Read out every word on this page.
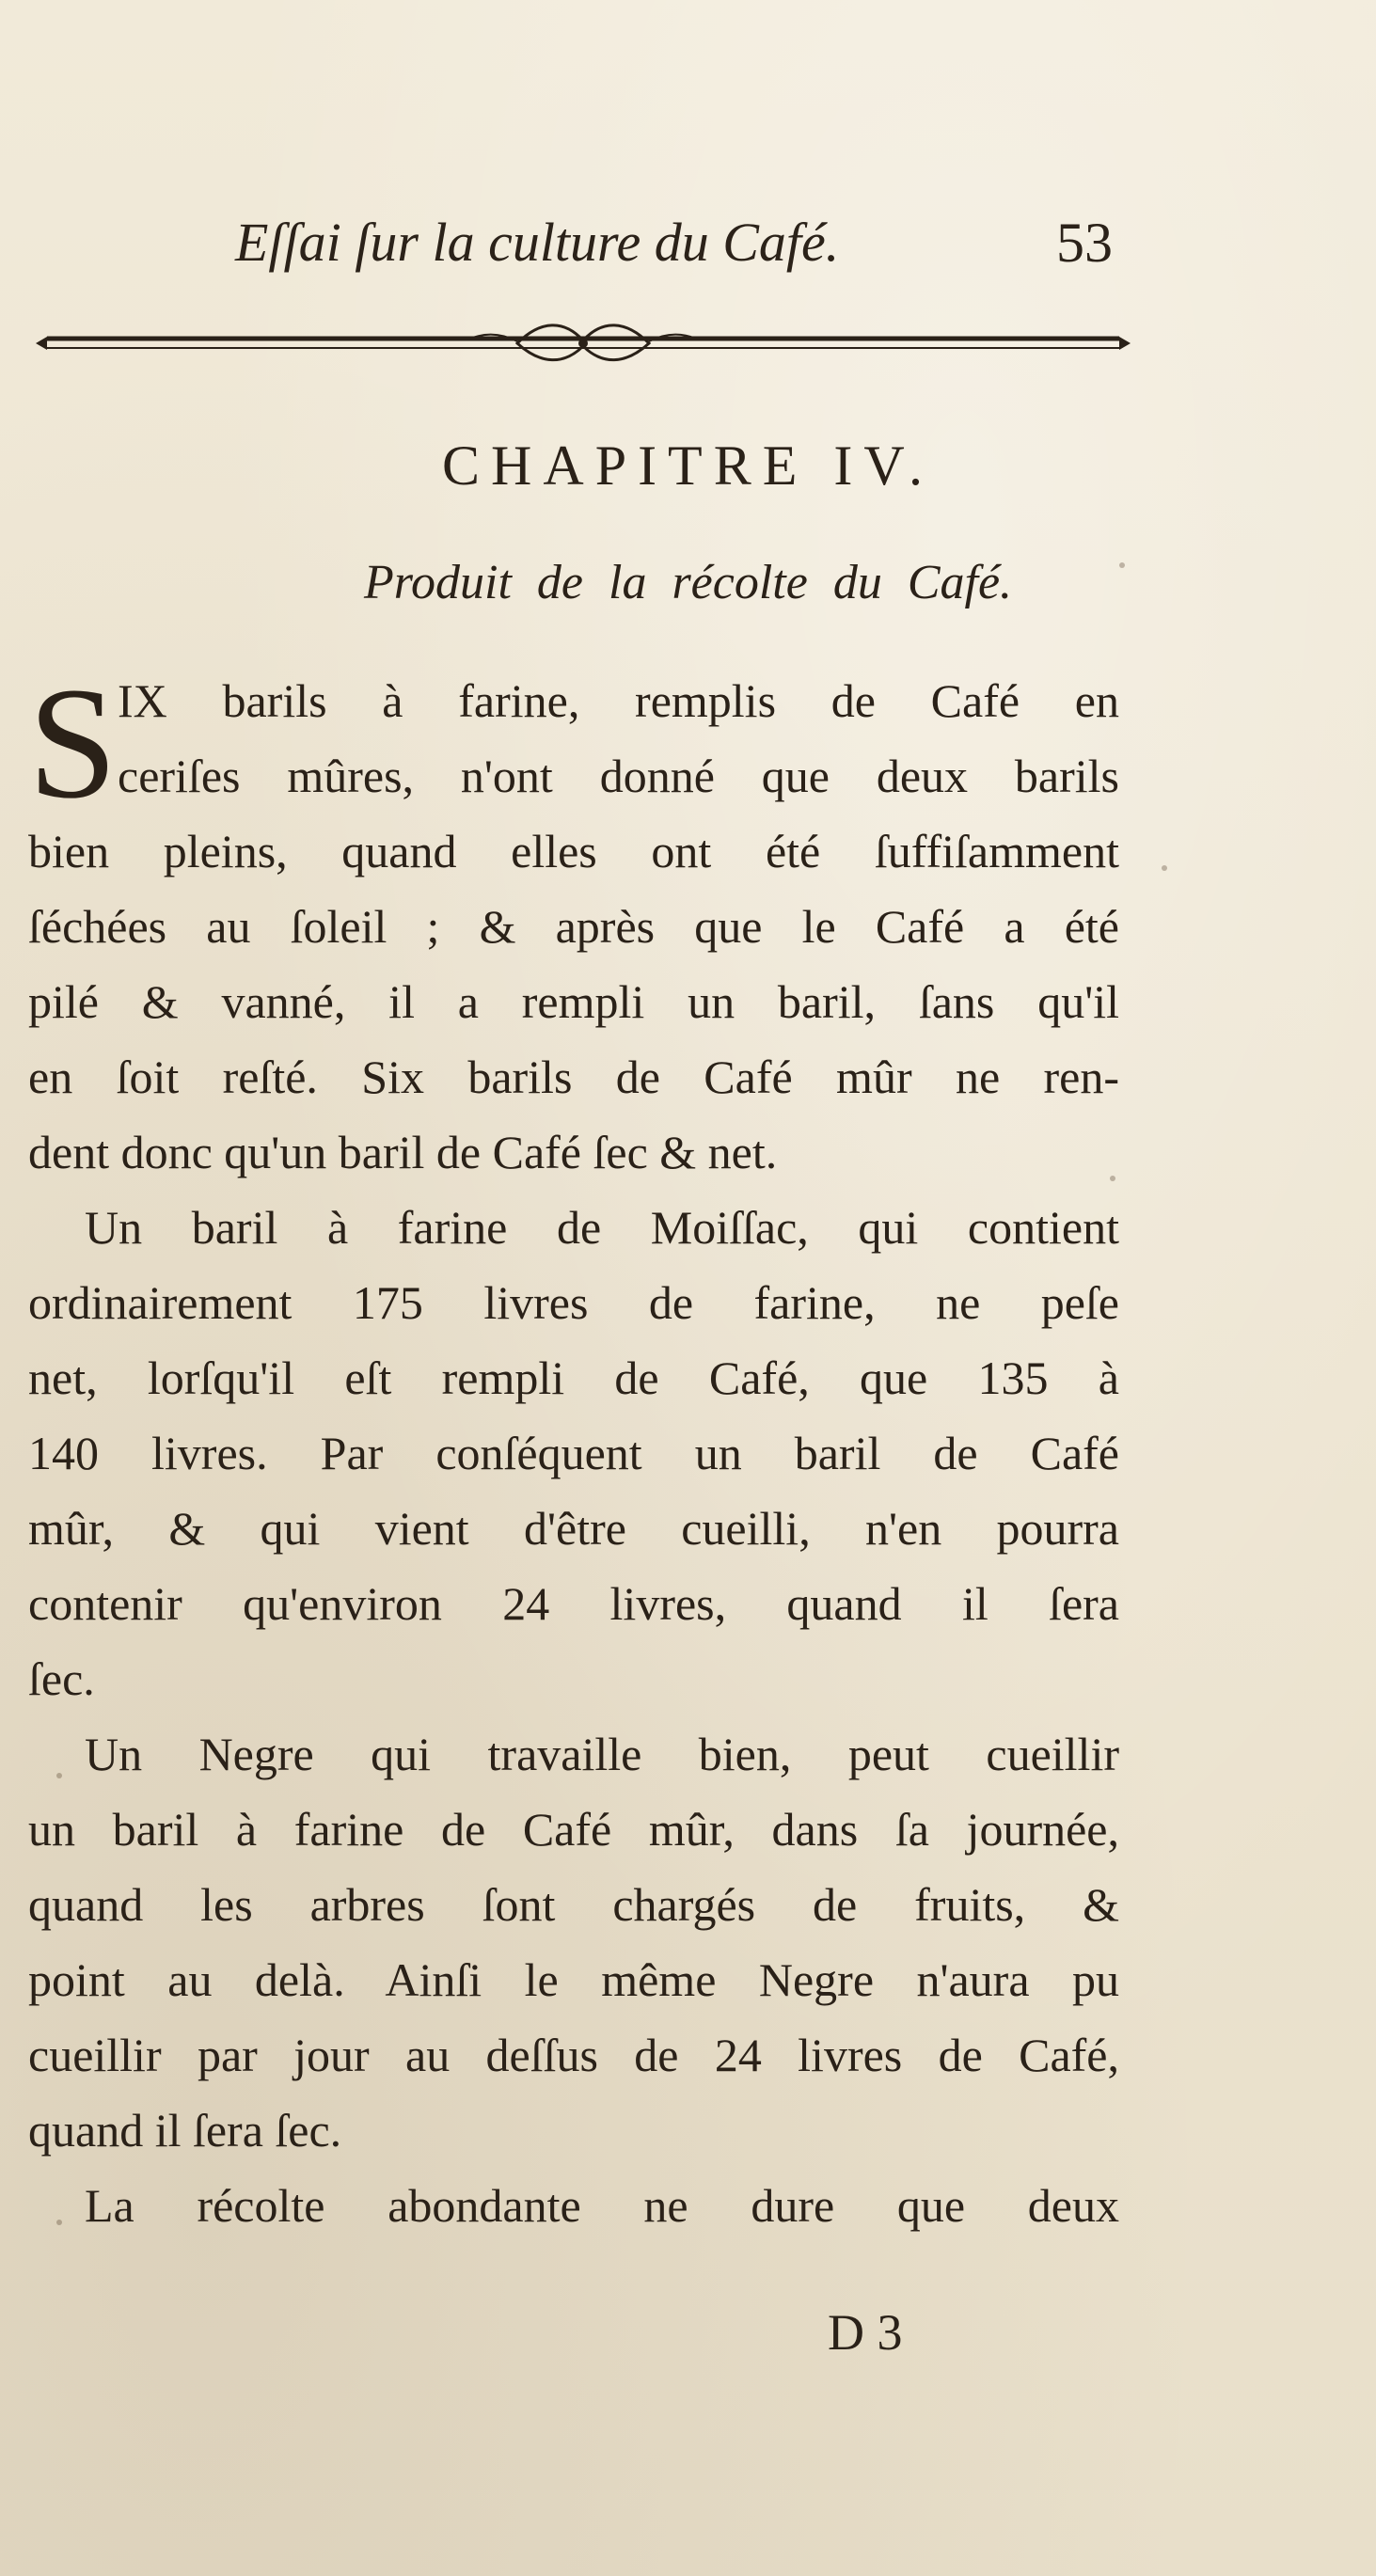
Eſſai ſur la culture du Café.	53
CHAPITRE IV.
Produit de la récolte du Café.
S IX barils à farine, remplis de Café en
ceriſes mûres, n'ont donné que deux barils
bien pleins, quand elles ont été ſuffiſamment
ſéchées au ſoleil ; & après que le Café a été
pilé & vanné, il a rempli un baril, ſans qu'il
en ſoit reſté. Six barils de Café mûr ne ren-
dent donc qu'un baril de Café ſec & net.
Un baril à farine de Moiſſac, qui contient
ordinairement 175 livres de farine, ne peſe
net, lorſqu'il eſt rempli de Café, que 135 à
140 livres. Par conſéquent un baril de Café
mûr, & qui vient d'être cueilli, n'en pourra
contenir qu'environ 24 livres, quand il ſera
ſec.
Un Negre qui travaille bien, peut cueillir
un baril à farine de Café mûr, dans ſa journée,
quand les arbres ſont chargés de fruits, &
point au delà. Ainſi le même Negre n'aura pu
cueillir par jour au deſſus de 24 livres de Café,
quand il ſera ſec.
La récolte abondante ne dure que deux
D 3
